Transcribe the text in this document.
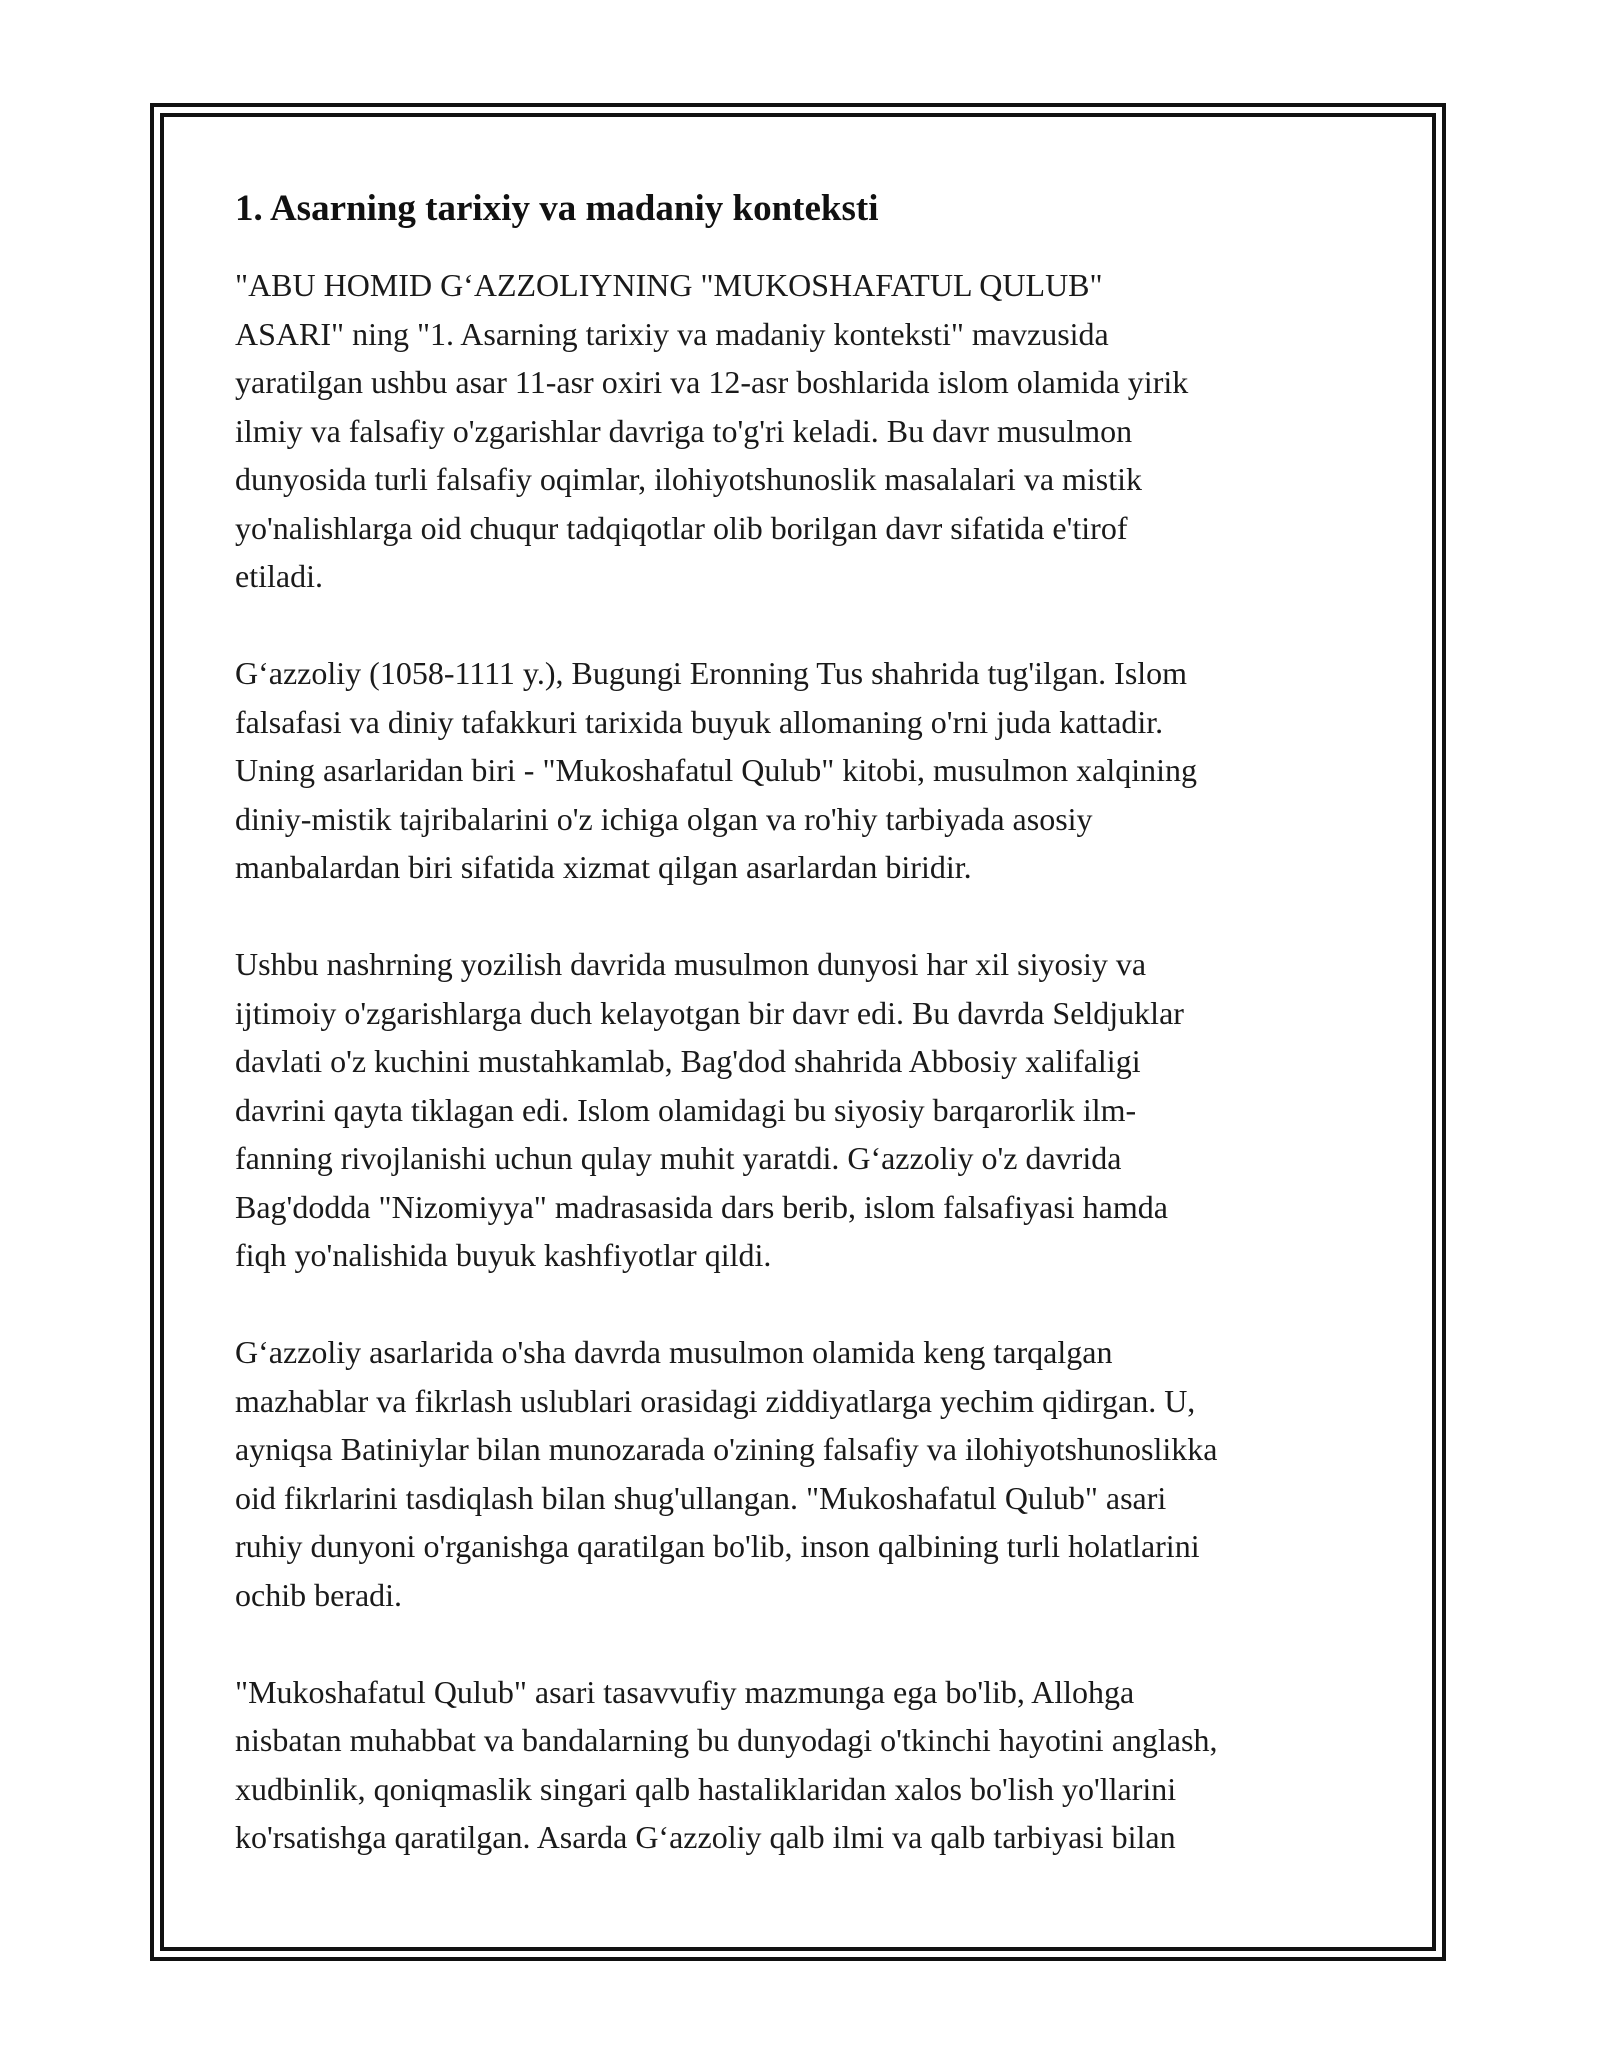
1. Asarning tarixiy va madaniy konteksti
"ABU HOMID G‘AZZOLIYNING "MUKOSHAFATUL QULUB"
ASARI" ning "1. Asarning tarixiy va madaniy konteksti" mavzusida
yaratilgan ushbu asar 11-asr oxiri va 12-asr boshlarida islom olamida yirik
ilmiy va falsafiy o'zgarishlar davriga to'g'ri keladi. Bu davr musulmon
dunyosida turli falsafiy oqimlar, ilohiyotshunoslik masalalari va mistik
yo'nalishlarga oid chuqur tadqiqotlar olib borilgan davr sifatida e'tirof
etiladi.
G‘azzoliy (1058-1111 y.), Bugungi Eronning Tus shahrida tug'ilgan. Islom
falsafasi va diniy tafakkuri tarixida buyuk allomaning o'rni juda kattadir.
Uning asarlaridan biri - "Mukoshafatul Qulub" kitobi, musulmon xalqining
diniy-mistik tajribalarini o'z ichiga olgan va ro'hiy tarbiyada asosiy
manbalardan biri sifatida xizmat qilgan asarlardan biridir.
Ushbu nashrning yozilish davrida musulmon dunyosi har xil siyosiy va
ijtimoiy o'zgarishlarga duch kelayotgan bir davr edi. Bu davrda Seldjuklar
davlati o'z kuchini mustahkamlab, Bag'dod shahrida Abbosiy xalifaligi
davrini qayta tiklagan edi. Islom olamidagi bu siyosiy barqarorlik ilm-
fanning rivojlanishi uchun qulay muhit yaratdi. G‘azzoliy o'z davrida
Bag'dodda "Nizomiyya" madrasasida dars berib, islom falsafiyasi hamda
fiqh yo'nalishida buyuk kashfiyotlar qildi.
G‘azzoliy asarlarida o'sha davrda musulmon olamida keng tarqalgan
mazhablar va fikrlash uslublari orasidagi ziddiyatlarga yechim qidirgan. U,
ayniqsa Batiniylar bilan munozarada o'zining falsafiy va ilohiyotshunoslikka
oid fikrlarini tasdiqlash bilan shug'ullangan. "Mukoshafatul Qulub" asari
ruhiy dunyoni o'rganishga qaratilgan bo'lib, inson qalbining turli holatlarini
ochib beradi.
"Mukoshafatul Qulub" asari tasavvufiy mazmunga ega bo'lib, Allohga
nisbatan muhabbat va bandalarning bu dunyodagi o'tkinchi hayotini anglash,
xudbinlik, qoniqmaslik singari qalb hastaliklaridan xalos bo'lish yo'llarini
ko'rsatishga qaratilgan. Asarda G‘azzoliy qalb ilmi va qalb tarbiyasi bilan
